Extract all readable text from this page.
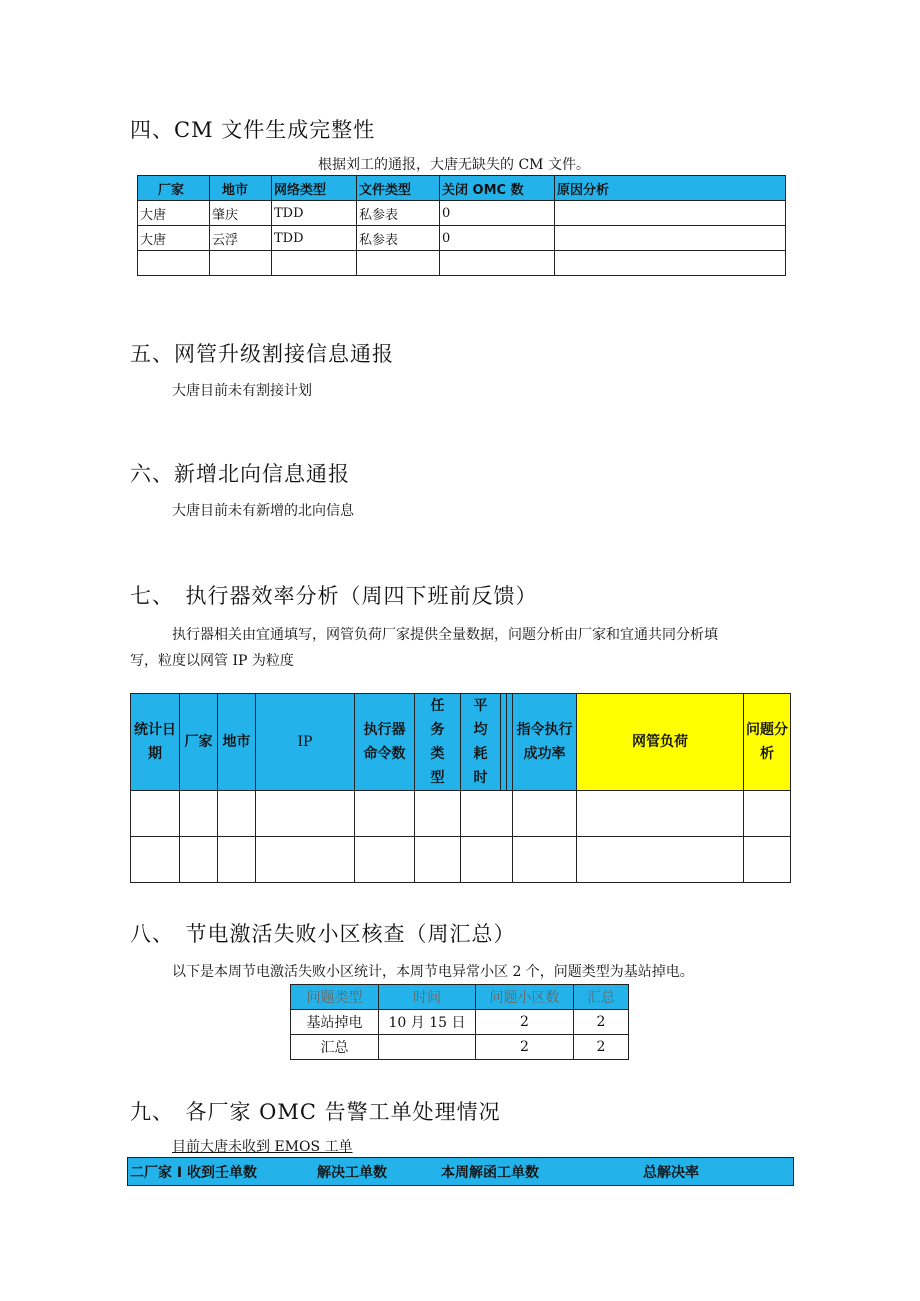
四、CM 文件生成完整性
根据刘工的通报，大唐无缺失的 CM 文件。
厂家	地市	网络类型	文件类型	关闭 OMC 数	原因分析
大唐	肇庆	TDD	私参表	0	
大唐	云浮	TDD	私参表	0	

五、网管升级割接信息通报
大唐目前未有割接计划
六、新增北向信息通报
大唐目前未有新增的北向信息
七、　执行器效率分析（周四下班前反馈）
执行器相关由宜通填写，网管负荷厂家提供全量数据，问题分析由厂家和宜通共同分析填
写，粒度以网管 IP 为粒度
统计日期	厂家	地市	IP	执行器命令数	任务类型	平均耗时			指令执行成功率	网管负荷	问题分析

八、　节电激活失败小区核查（周汇总）
以下是本周节电激活失败小区统计，本周节电异常小区 2 个，问题类型为基站掉电。
问题类型	时间	问题小区数	汇总
基站掉电	10 月 15 日	2	2
汇总		2	2
九、　各厂家 OMC 告警工单处理情况
目前大唐未收到 EMOS 工单
二厂家 I 收到壬单数	解决工单数	本周解函工单数	总解决率
